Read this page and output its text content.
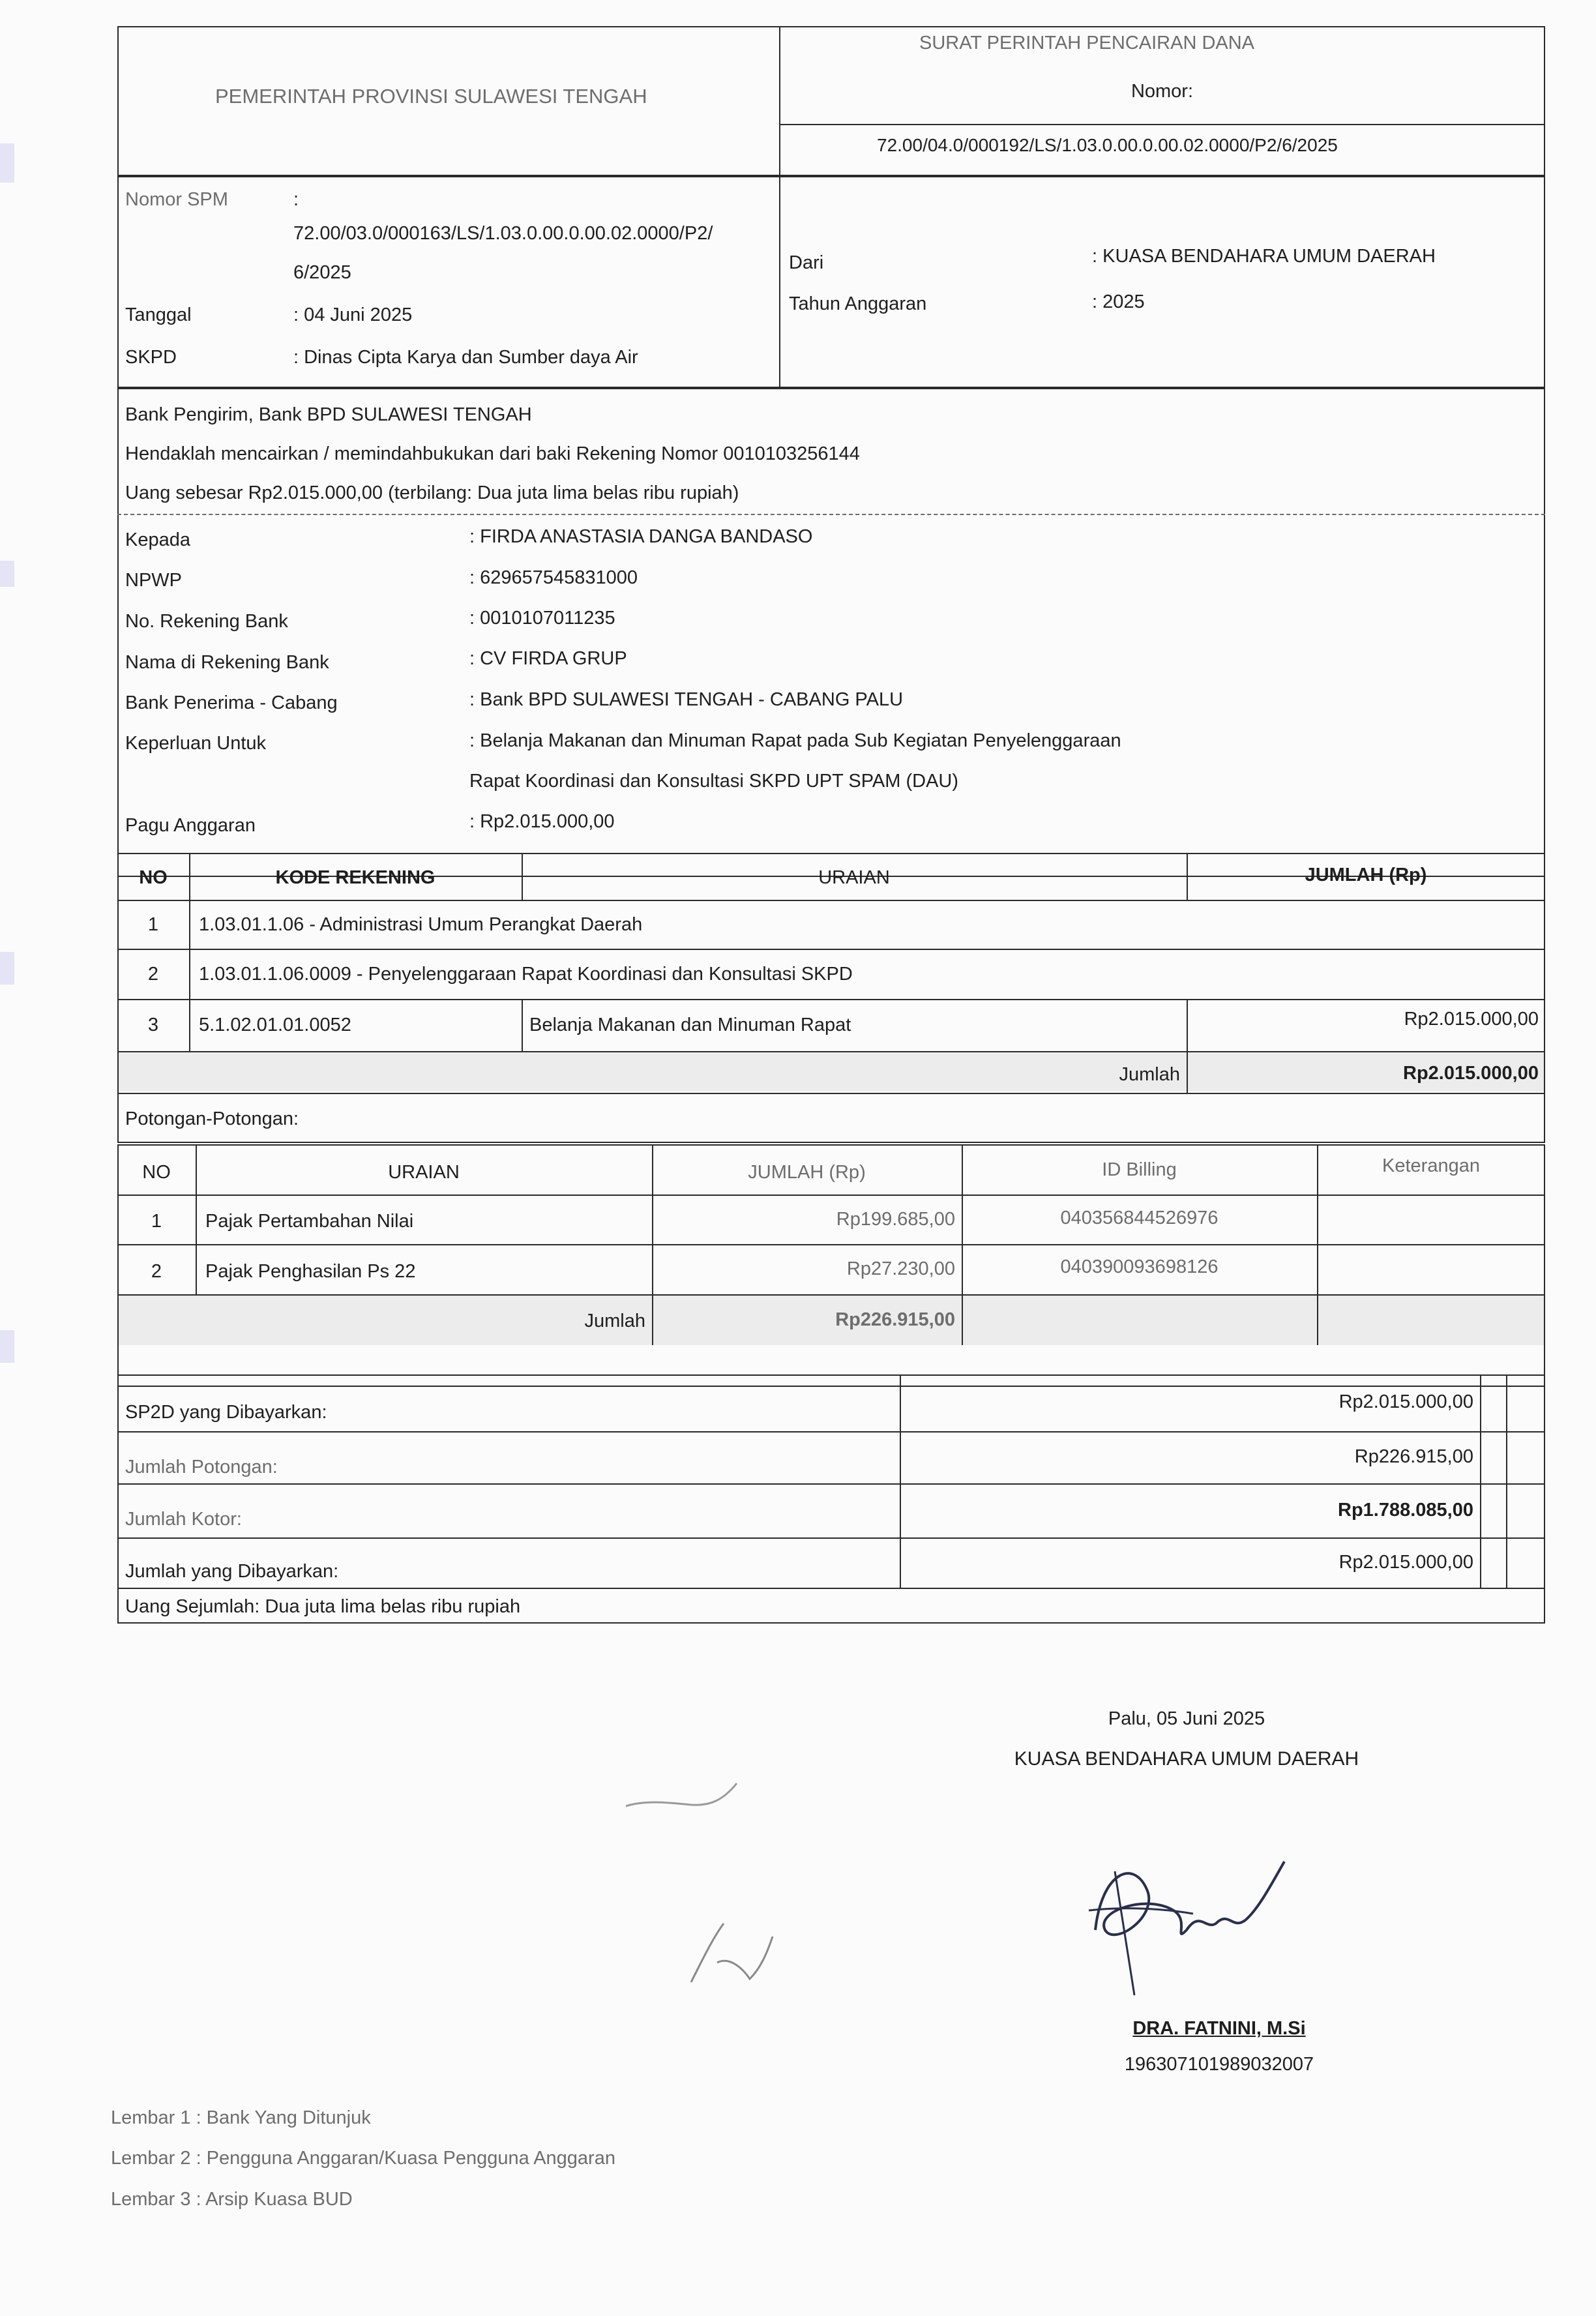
PEMERINTAH PROVINSI SULAWESI TENGAH
SURAT PERINTAH PENCAIRAN DANA
Nomor:
72.00/04.0/000192/LS/1.03.0.00.0.00.02.0000/P2/6/2025
Nomor SPM	:
72.00/03.0/000163/LS/1.03.0.00.0.00.02.0000/P2/
6/2025
Tanggal	: 04 Juni 2025
SKPD	: Dinas Cipta Karya dan Sumber daya Air
Dari	: KUASA BENDAHARA UMUM DAERAH
Tahun Anggaran	: 2025
Bank Pengirim, Bank BPD SULAWESI TENGAH
Hendaklah mencairkan / memindahbukukan dari baki Rekening Nomor 0010103256144
Uang sebesar Rp2.015.000,00 (terbilang: Dua juta lima belas ribu rupiah)
Kepada	: FIRDA ANASTASIA DANGA BANDASO
NPWP	: 629657545831000
No. Rekening Bank	: 0010107011235
Nama di Rekening Bank	: CV FIRDA GRUP
Bank Penerima - Cabang	: Bank BPD SULAWESI TENGAH - CABANG PALU
Keperluan Untuk	: Belanja Makanan dan Minuman Rapat pada Sub Kegiatan Penyelenggaraan
Rapat Koordinasi dan Konsultasi SKPD UPT SPAM (DAU)
Pagu Anggaran	: Rp2.015.000,00
NO	KODE REKENING	URAIAN	JUMLAH (Rp)
1	1.03.01.1.06 - Administrasi Umum Perangkat Daerah
2	1.03.01.1.06.0009 - Penyelenggaraan Rapat Koordinasi dan Konsultasi SKPD
3	5.1.02.01.01.0052	Belanja Makanan dan Minuman Rapat	Rp2.015.000,00
Jumlah	Rp2.015.000,00
Potongan-Potongan:
NO	URAIAN	JUMLAH (Rp)	ID Billing	Keterangan
1	Pajak Pertambahan Nilai	Rp199.685,00	040356844526976
2	Pajak Penghasilan Ps 22	Rp27.230,00	040390093698126
Jumlah	Rp226.915,00
SP2D yang Dibayarkan:	Rp2.015.000,00
Jumlah Potongan:	Rp226.915,00
Jumlah Kotor:	Rp1.788.085,00
Jumlah yang Dibayarkan:	Rp2.015.000,00
Uang Sejumlah: Dua juta lima belas ribu rupiah
Palu, 05 Juni 2025
KUASA BENDAHARA UMUM DAERAH
DRA. FATNINI, M.Si
196307101989032007
Lembar 1 : Bank Yang Ditunjuk
Lembar 2 : Pengguna Anggaran/Kuasa Pengguna Anggaran
Lembar 3 : Arsip Kuasa BUD
